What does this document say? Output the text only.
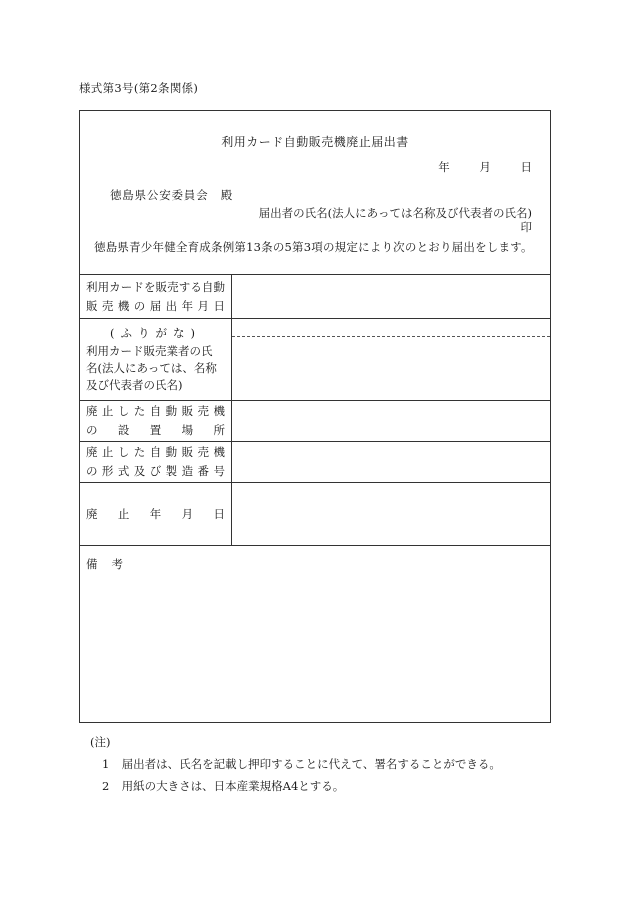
様式第3号(第2条関係)
利用カード自動販売機廃止届出書
年	月	日
徳島県公安委員会　殿
届出者の氏名(法人にあっては名称及び代表者の氏名)
印
徳島県青少年健全育成条例第13条の5第3項の規定により次のとおり届出をします。
利用カードを販売する自動
販売機の届出年月日
(ふりがな)
利用カード販売業者の氏
名(法人にあっては、名称
及び代表者の氏名)
廃止した自動販売機
の設置場所
廃止した自動販売機
の形式及び製造番号
廃止年月日
備考
(注)
1 届出者は、氏名を記載し押印することに代えて、署名することができる。
2 用紙の大きさは、日本産業規格A4とする。
